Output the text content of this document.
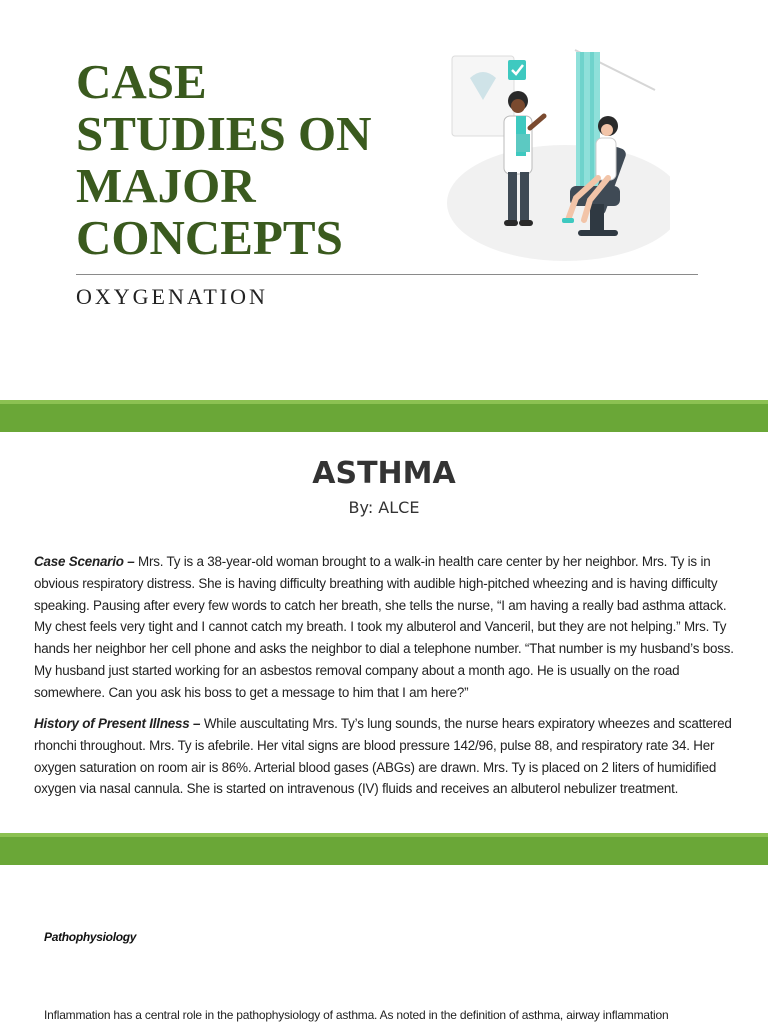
CASE
STUDIES ON
MAJOR
CONCEPTS
OXYGENATION
ASTHMA
By: ALCE

Case Scenario – Mrs. Ty is a 38-year-old woman brought to a walk-in health care center by her neighbor. Mrs. Ty is in obvious respiratory distress. She is having difficulty breathing with audible high-pitched wheezing and is having difficulty speaking. Pausing after every few words to catch her breath, she tells the nurse, “I am having a really bad asthma attack. My chest feels very tight and I cannot catch my breath. I took my albuterol and Vanceril, but they are not helping.” Mrs. Ty hands her neighbor her cell phone and asks the neighbor to dial a telephone number. “That number is my husband’s boss. My husband just started working for an asbestos removal company about a month ago. He is usually on the road somewhere. Can you ask his boss to get a message to him that I am here?”

History of Present Illness – While auscultating Mrs. Ty’s lung sounds, the nurse hears expiratory wheezes and scattered rhonchi throughout. Mrs. Ty is afebrile. Her vital signs are blood pressure 142/96, pulse 88, and respiratory rate 34. Her oxygen saturation on room air is 86%. Arterial blood gases (ABGs) are drawn. Mrs. Ty is placed on 2 liters of humidified oxygen via nasal cannula. She is started on intravenous (IV) fluids and receives an albuterol nebulizer treatment.

Pathophysiology
Inflammation has a central role in the pathophysiology of asthma. As noted in the definition of asthma, airway inflammation
